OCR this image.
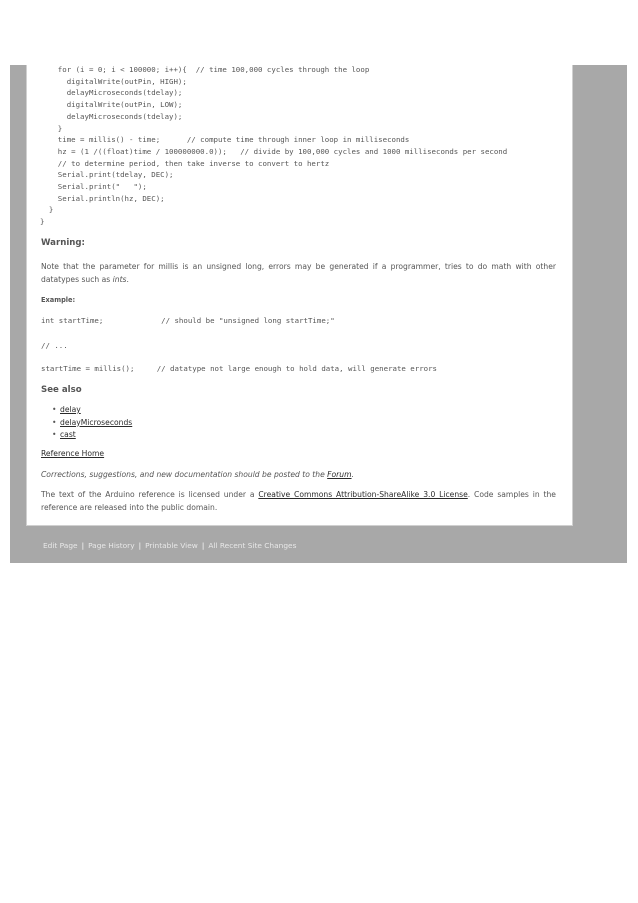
for (i = 0; i < 100000; i++){  // time 100,000 cycles through the loop
digitalWrite(outPin, HIGH);
delayMicroseconds(tdelay);
digitalWrite(outPin, LOW);
delayMicroseconds(tdelay);
}
time = millis() - time;      // compute time through inner loop in milliseconds
hz = (1 /((float)time / 100000000.0));   // divide by 100,000 cycles and 1000 milliseconds per second
// to determine period, then take inverse to convert to hertz
Serial.print(tdelay, DEC);
Serial.print("   ");
Serial.println(hz, DEC);
}
}
Warning:
Note that the parameter for millis is an unsigned long, errors may be generated if a programmer, tries to do math with other datatypes such as ints.
Example:
int startTime;             // should be "unsigned long startTime;"
// ...
startTime = millis();     // datatype not large enough to hold data, will generate errors
See also
• delay
• delayMicroseconds
• cast
Reference Home
Corrections, suggestions, and new documentation should be posted to the Forum.
The text of the Arduino reference is licensed under a Creative Commons Attribution-ShareAlike 3.0 License. Code samples in the reference are released into the public domain.
Edit Page | Page History | Printable View | All Recent Site Changes
